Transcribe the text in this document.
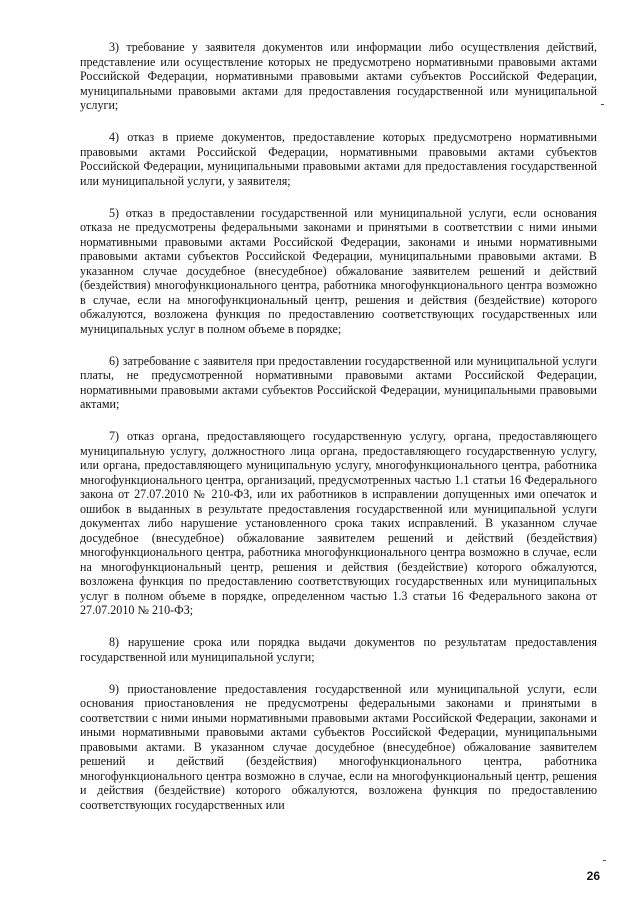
3) требование у заявителя документов или информации либо осуществления действий, представление или осуществление которых не предусмотрено нормативными правовыми актами Российской Федерации, нормативными правовыми актами субъектов Российской Федерации, муниципальными правовыми актами для предоставления государственной или муниципальной услуги;

4) отказ в приеме документов, предоставление которых предусмотрено нормативными правовыми актами Российской Федерации, нормативными правовыми актами субъектов Российской Федерации, муниципальными правовыми актами для предоставления государственной или муниципальной услуги, у заявителя;

5) отказ в предоставлении государственной или муниципальной услуги, если основания отказа не предусмотрены федеральными законами и принятыми в соответствии с ними иными нормативными правовыми актами Российской Федерации, законами и иными нормативными правовыми актами субъектов Российской Федерации, муниципальными правовыми актами. В указанном случае досудебное (внесудебное) обжалование заявителем решений и действий (бездействия) многофункционального центра, работника многофункционального центра возможно в случае, если на многофункциональный центр, решения и действия (бездействие) которого обжалуются, возложена функция по предоставлению соответствующих государственных или муниципальных услуг в полном объеме в порядке;

6) затребование с заявителя при предоставлении государственной или муниципальной услуги платы, не предусмотренной нормативными правовыми актами Российской Федерации, нормативными правовыми актами субъектов Российской Федерации, муниципальными правовыми актами;

7) отказ органа, предоставляющего государственную услугу, органа, предоставляющего муниципальную услугу, должностного лица органа, предоставляющего государственную услугу, или органа, предоставляющего муниципальную услугу, многофункционального центра, работника многофункционального центра, организаций, предусмотренных частью 1.1 статьи 16 Федерального закона от 27.07.2010 № 210-ФЗ, или их работников в исправлении допущенных ими опечаток и ошибок в выданных в результате предоставления государственной или муниципальной услуги документах либо нарушение установленного срока таких исправлений. В указанном случае досудебное (внесудебное) обжалование заявителем решений и действий (бездействия) многофункционального центра, работника многофункционального центра возможно в случае, если на многофункциональный центр, решения и действия (бездействие) которого обжалуются, возложена функция по предоставлению соответствующих государственных или муниципальных услуг в полном объеме в порядке, определенном частью 1.3 статьи 16 Федерального закона от 27.07.2010 № 210-ФЗ;

8) нарушение срока или порядка выдачи документов по результатам предоставления государственной или муниципальной услуги;

9) приостановление предоставления государственной или муниципальной услуги, если основания приостановления не предусмотрены федеральными законами и принятыми в соответствии с ними иными нормативными правовыми актами Российской Федерации, законами и иными нормативными правовыми актами субъектов Российской Федерации, муниципальными правовыми актами. В указанном случае досудебное (внесудебное) обжалование заявителем решений и действий (бездействия) многофункционального центра, работника многофункционального центра возможно в случае, если на многофункциональный центр, решения и действия (бездействие) которого обжалуются, возложена функция по предоставлению соответствующих государственных или

26
